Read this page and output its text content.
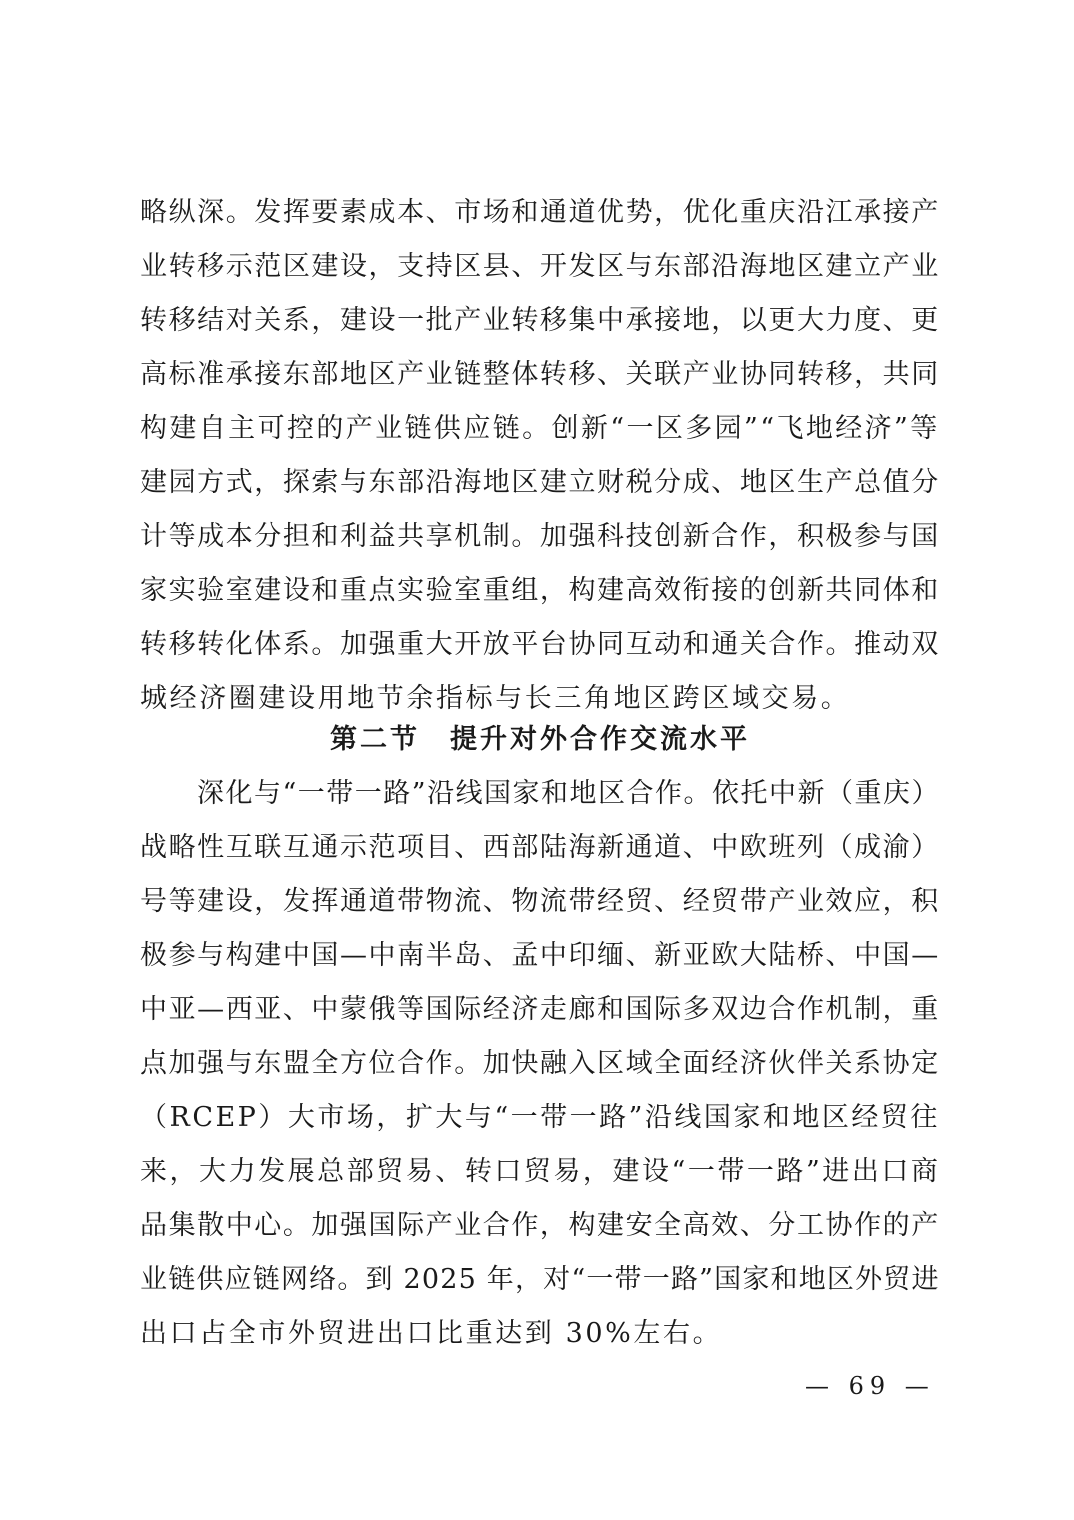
略纵深。发挥要素成本、市场和通道优势，优化重庆沿江承接产
业转移示范区建设，支持区县、开发区与东部沿海地区建立产业
转移结对关系，建设一批产业转移集中承接地，以更大力度、更
高标准承接东部地区产业链整体转移、关联产业协同转移，共同
构建自主可控的产业链供应链。创新“一区多园”“飞地经济”等
建园方式，探索与东部沿海地区建立财税分成、地区生产总值分
计等成本分担和利益共享机制。加强科技创新合作，积极参与国
家实验室建设和重点实验室重组，构建高效衔接的创新共同体和
转移转化体系。加强重大开放平台协同互动和通关合作。推动双
城经济圈建设用地节余指标与长三角地区跨区域交易。
第二节　提升对外合作交流水平
　　深化与“一带一路”沿线国家和地区合作。依托中新（重庆）
战略性互联互通示范项目、西部陆海新通道、中欧班列（成渝）
号等建设，发挥通道带物流、物流带经贸、经贸带产业效应，积
极参与构建中国—中南半岛、孟中印缅、新亚欧大陆桥、中国—
中亚—西亚、中蒙俄等国际经济走廊和国际多双边合作机制，重
点加强与东盟全方位合作。加快融入区域全面经济伙伴关系协定
（RCEP）大市场，扩大与“一带一路”沿线国家和地区经贸往
来，大力发展总部贸易、转口贸易，建设“一带一路”进出口商
品集散中心。加强国际产业合作，构建安全高效、分工协作的产
业链供应链网络。到 2025 年，对“一带一路”国家和地区外贸进
出口占全市外贸进出口比重达到 30%左右。
— 69 —
